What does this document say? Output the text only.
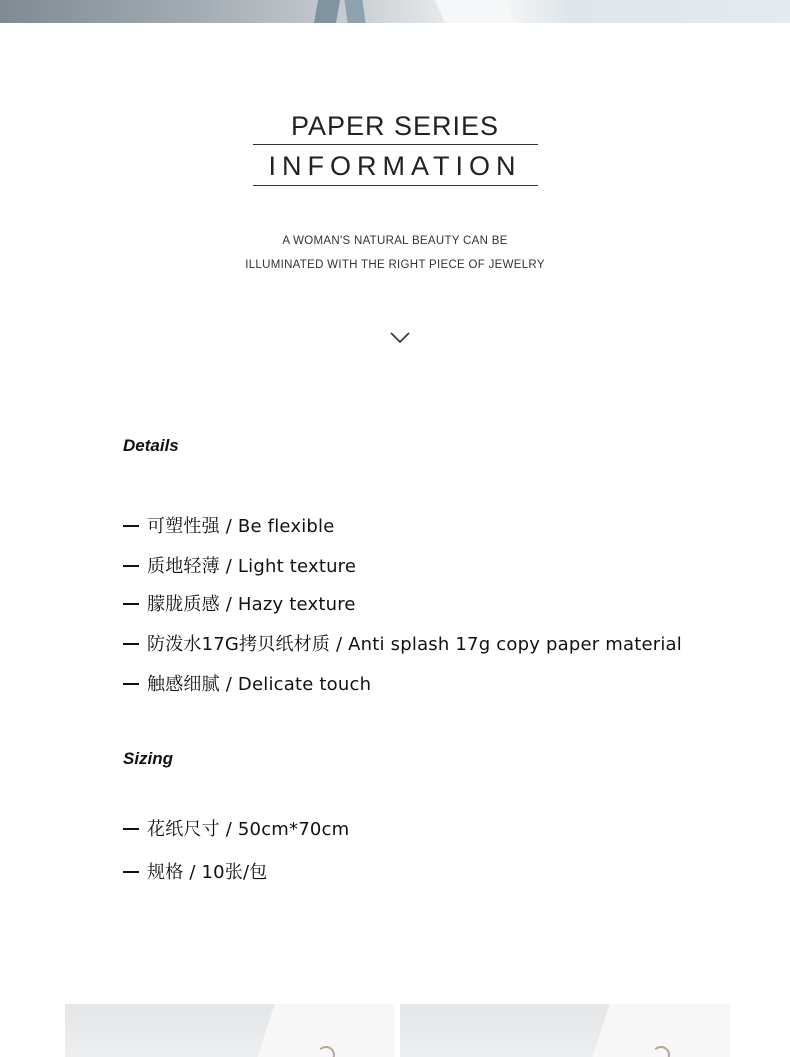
PAPER SERIES
INFORMATION
A WOMAN'S NATURAL BEAUTY CAN BE
ILLUMINATED WITH THE RIGHT PIECE OF JEWELRY
Details
可塑性强 / Be flexible
质地轻薄 / Light texture
朦胧质感 / Hazy texture
防泼水17G拷贝纸材质 / Anti splash 17g copy paper material
触感细腻 / Delicate touch
Sizing
花纸尺寸 / 50cm*70cm
规格 / 10张/包
